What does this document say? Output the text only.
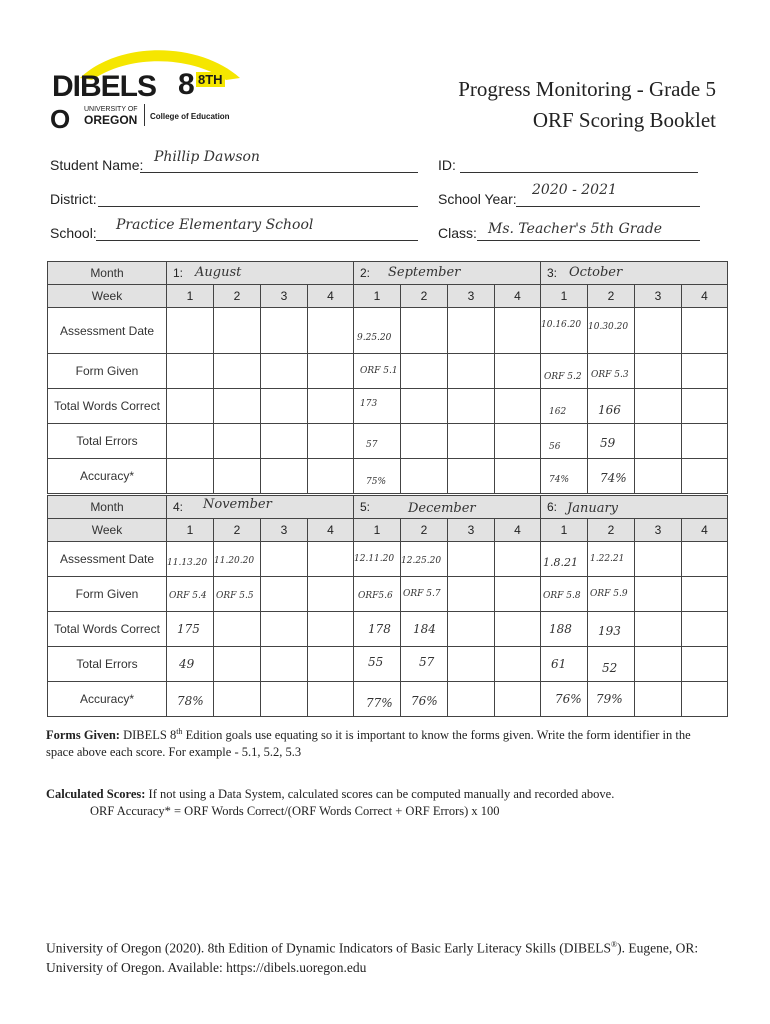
DIBELS 8 8TH
O UNIVERSITY OF
OREGON College of Education
Progress Monitoring - Grade 5
ORF Scoring Booklet
Student Name: Phillip Dawson	ID:
District:	School Year:
2020 - 2021
School: Practice Elementary School	Class: Ms. Teacher's 5th Grade
Month	1: August				2: September				3: October			

Week	1	2	3	4	1	2	3	4	1	2	3	4
Assessment Date					9.25.20				10.16.20	10.30.20		

Form Given					ORF 5.1				ORF 5.2	ORF 5.3		

Total Words Correct					173				162	166		

Total Errors					57				56	59		

Accuracy*					75%				74%	74%		

Month	4: November				5: December				6: January			

Week	1	2	3	4	1	2	3	4	1	2	3	4
Assessment Date	11.13.20	11.20.20			12.11.20	12.25.20			1.8.21	1.22.21		

Form Given	ORF 5.4	ORF 5.5			ORF5.6	ORF 5.7			ORF 5.8	ORF 5.9		

Total Words Correct	175				178	184			188	193		

Total Errors	49				55	57			61	52		

Accuracy*	78%				77%	76%			76%	79%		

Forms Given: DIBELS 8th Edition goals use equating so it is important to know the forms given. Write the form identifier in the space above each score. For example - 5.1, 5.2, 5.3
Calculated Scores: If not using a Data System, calculated scores can be computed manually and recorded above.
ORF Accuracy* = ORF Words Correct/(ORF Words Correct + ORF Errors) x 100
University of Oregon (2020). 8th Edition of Dynamic Indicators of Basic Early Literacy Skills (DIBELS®). Eugene, OR:
University of Oregon. Available: https://dibels.uoregon.edu
